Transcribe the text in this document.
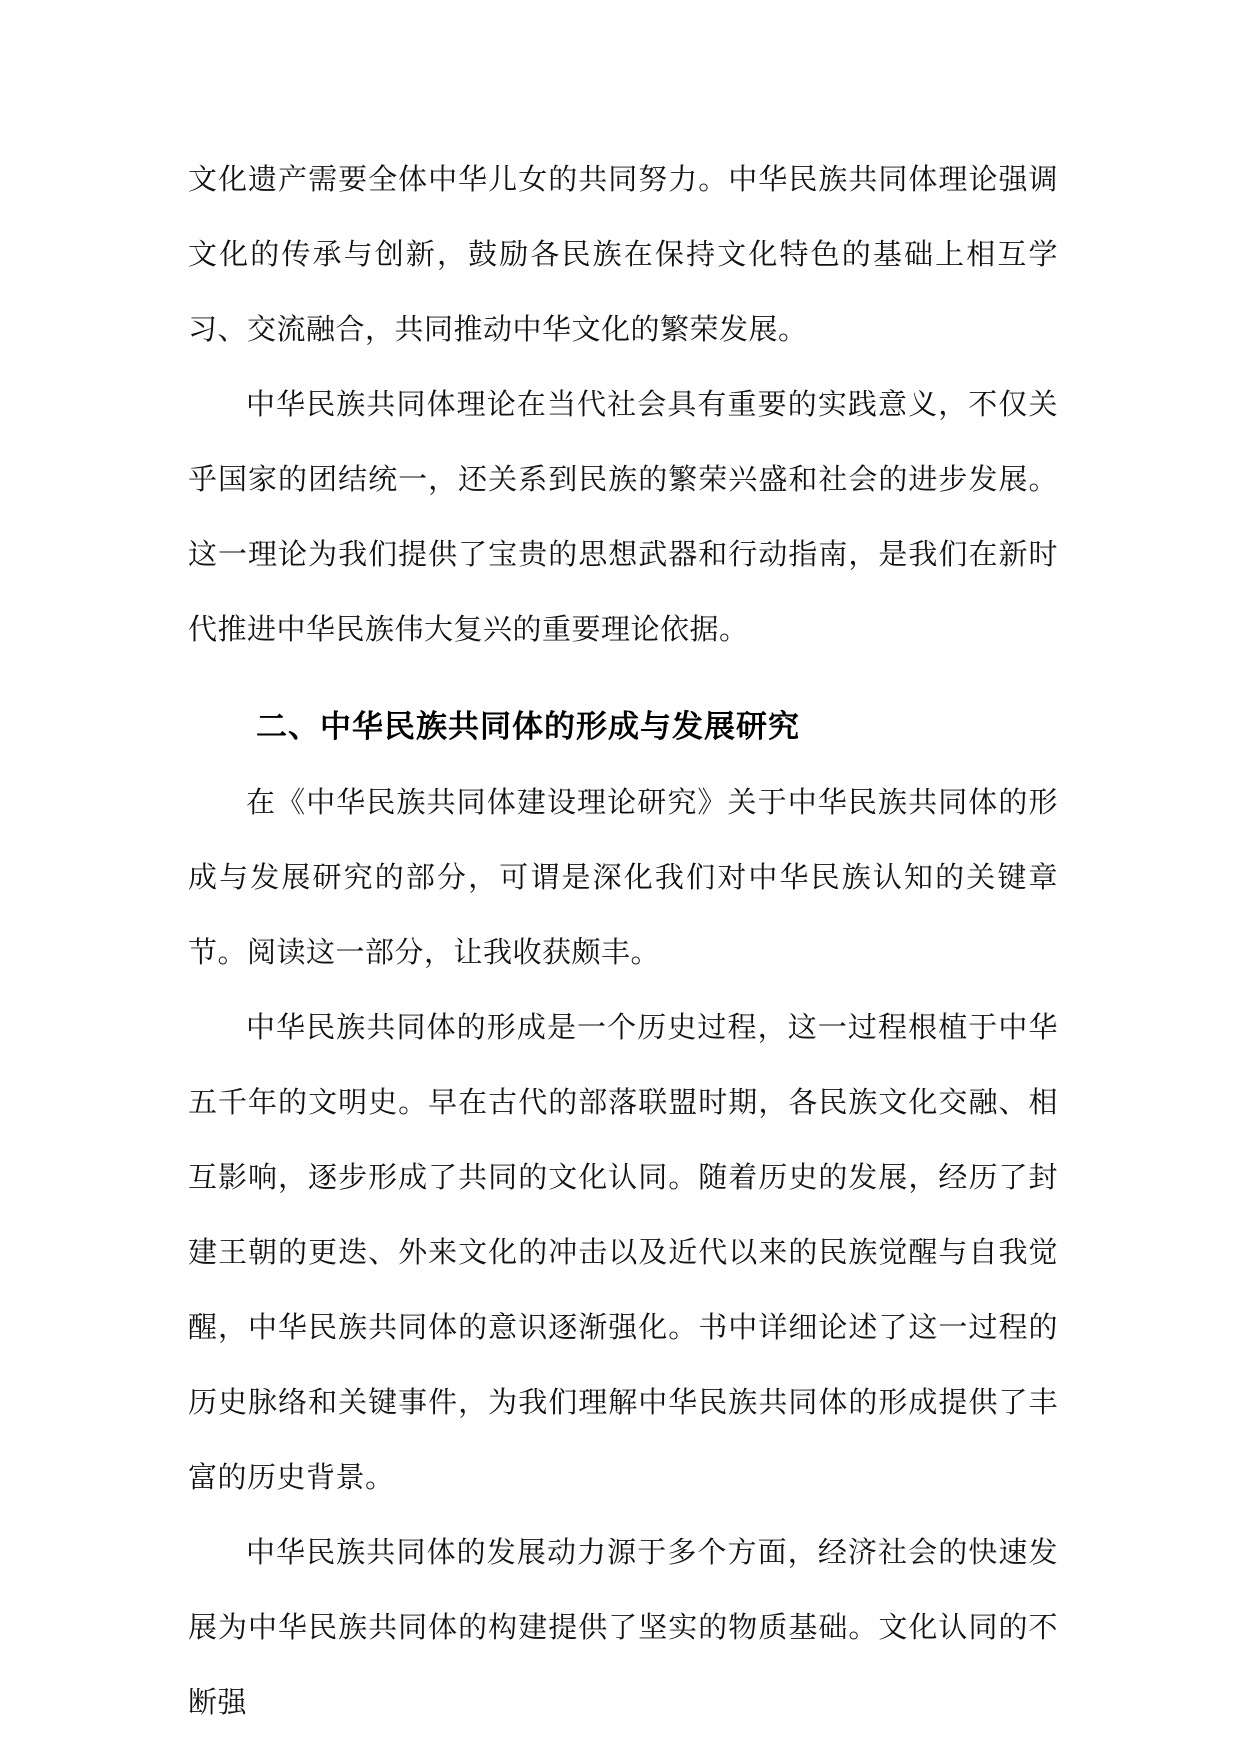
文化遗产需要全体中华儿女的共同努力。中华民族共同体理论强调文化的传承与创新，鼓励各民族在保持文化特色的基础上相互学习、交流融合，共同推动中华文化的繁荣发展。

中华民族共同体理论在当代社会具有重要的实践意义，不仅关乎国家的团结统一，还关系到民族的繁荣兴盛和社会的进步发展。这一理论为我们提供了宝贵的思想武器和行动指南，是我们在新时代推进中华民族伟大复兴的重要理论依据。

二、中华民族共同体的形成与发展研究

在《中华民族共同体建设理论研究》关于中华民族共同体的形成与发展研究的部分，可谓是深化我们对中华民族认知的关键章节。阅读这一部分，让我收获颇丰。

中华民族共同体的形成是一个历史过程，这一过程根植于中华五千年的文明史。早在古代的部落联盟时期，各民族文化交融、相互影响，逐步形成了共同的文化认同。随着历史的发展，经历了封建王朝的更迭、外来文化的冲击以及近代以来的民族觉醒与自我觉醒，中华民族共同体的意识逐渐强化。书中详细论述了这一过程的历史脉络和关键事件，为我们理解中华民族共同体的形成提供了丰富的历史背景。

中华民族共同体的发展动力源于多个方面，经济社会的快速发展为中华民族共同体的构建提供了坚实的物质基础。文化认同的不断强
